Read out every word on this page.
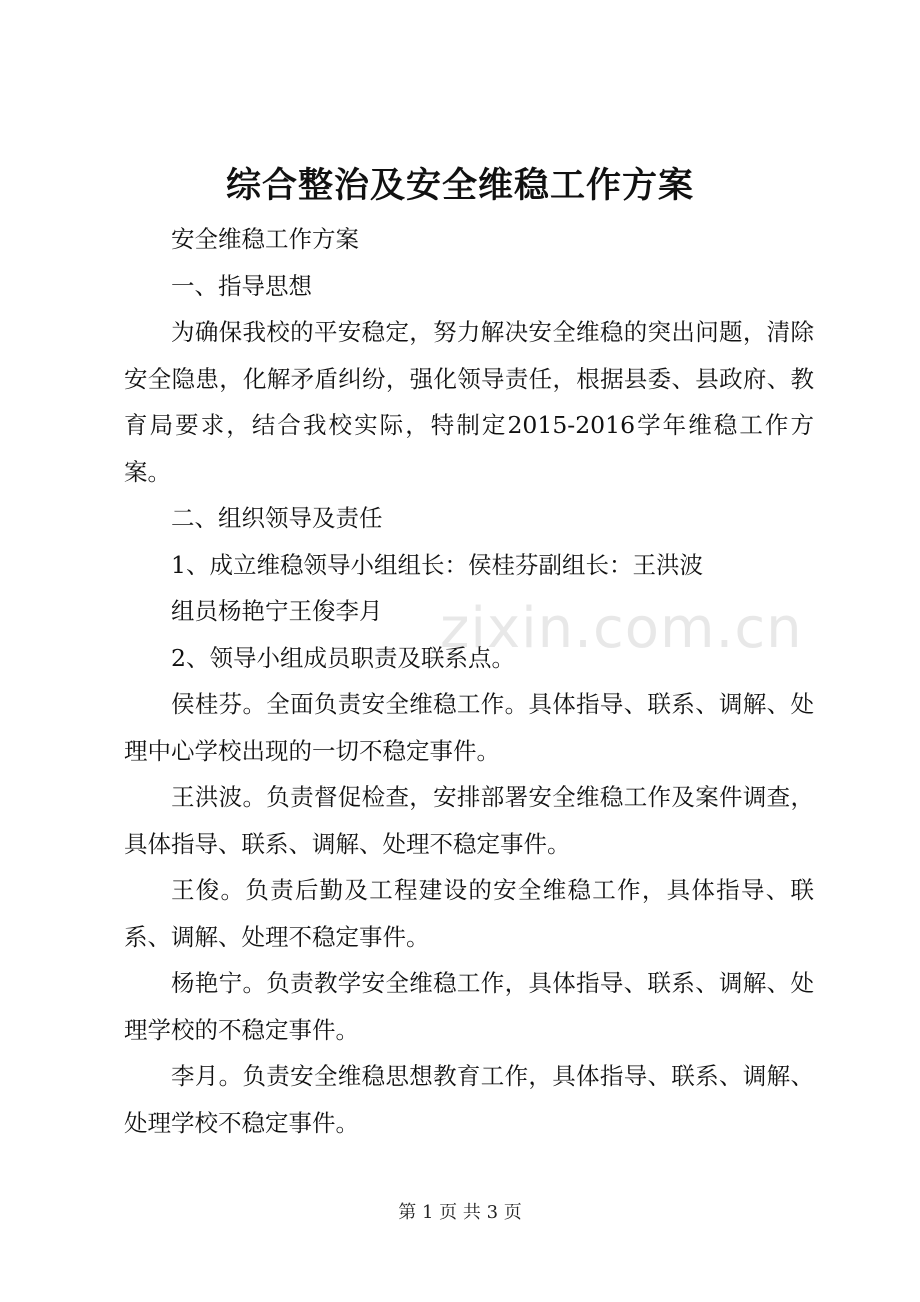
综合整治及安全维稳工作方案

安全维稳工作方案

一、指导思想

为确保我校的平安稳定，努力解决安全维稳的突出问题，清除安全隐患，化解矛盾纠纷，强化领导责任，根据县委、县政府、教育局要求，结合我校实际，特制定2015-2016学年维稳工作方案。

二、组织领导及责任

1、成立维稳领导小组组长：侯桂芬副组长：王洪波

组员杨艳宁王俊李月

2、领导小组成员职责及联系点。

侯桂芬。全面负责安全维稳工作。具体指导、联系、调解、处理中心学校出现的一切不稳定事件。

王洪波。负责督促检查，安排部署安全维稳工作及案件调查，具体指导、联系、调解、处理不稳定事件。

王俊。负责后勤及工程建设的安全维稳工作，具体指导、联系、调解、处理不稳定事件。

杨艳宁。负责教学安全维稳工作，具体指导、联系、调解、处理学校的不稳定事件。

李月。负责安全维稳思想教育工作，具体指导、联系、调解、处理学校不稳定事件。

zixin.com.cn
第 1 页 共 3 页
